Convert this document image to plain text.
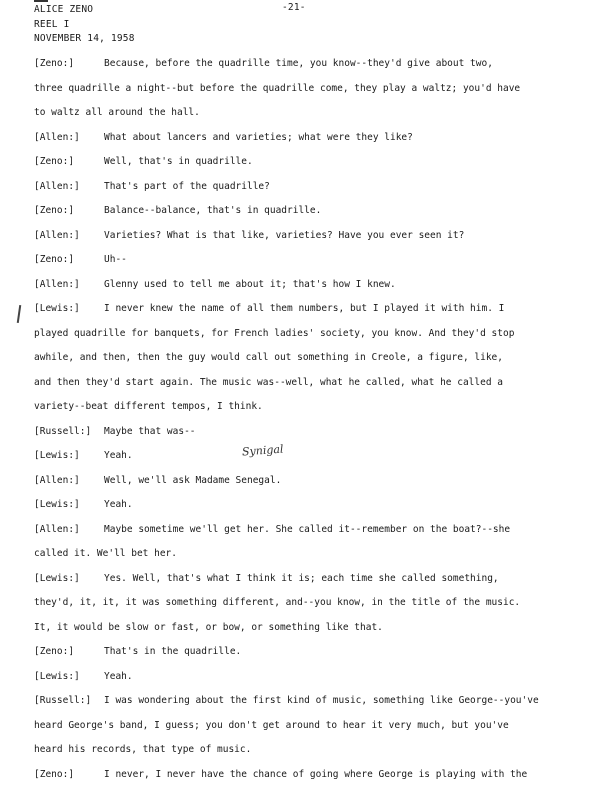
ALICE ZENO	-21-
REEL I
NOVEMBER 14, 1958
Synigal
[Zeno:]	Because, before the quadrille time, you know--they'd give about two,
three quadrille a night--but before the quadrille come, they play a waltz; you'd have
to waltz all around the hall.
[Allen:]	What about lancers and varieties; what were they like?
[Zeno:]	Well, that's in quadrille.
[Allen:]	That's part of the quadrille?
[Zeno:]	Balance--balance, that's in quadrille.
[Allen:]	Varieties? What is that like, varieties? Have you ever seen it?
[Zeno:]	Uh--
[Allen:]	Glenny used to tell me about it; that's how I knew.
[Lewis:]	I never knew the name of all them numbers, but I played it with him. I
played quadrille for banquets, for French ladies' society, you know. And they'd stop
awhile, and then, then the guy would call out something in Creole, a figure, like,
and then they'd start again. The music was--well, what he called, what he called a
variety--beat different tempos, I think.
[Russell:] Maybe that was--
[Lewis:]	Yeah.
[Allen:]	Well, we'll ask Madame Senegal.
[Lewis:]	Yeah.
[Allen:]	Maybe sometime we'll get her. She called it--remember on the boat?--she
called it. We'll bet her.
[Lewis:]	Yes. Well, that's what I think it is; each time she called something,
they'd, it, it, it was something different, and--you know, in the title of the music.
It, it would be slow or fast, or bow, or something like that.
[Zeno:]	That's in the quadrille.
[Lewis:]	Yeah.
[Russell:] I was wondering about the first kind of music, something like George--you've
heard George's band, I guess; you don't get around to hear it very much, but you've
heard his records, that type of music.
[Zeno:]	I never, I never have the chance of going where George is playing with the
